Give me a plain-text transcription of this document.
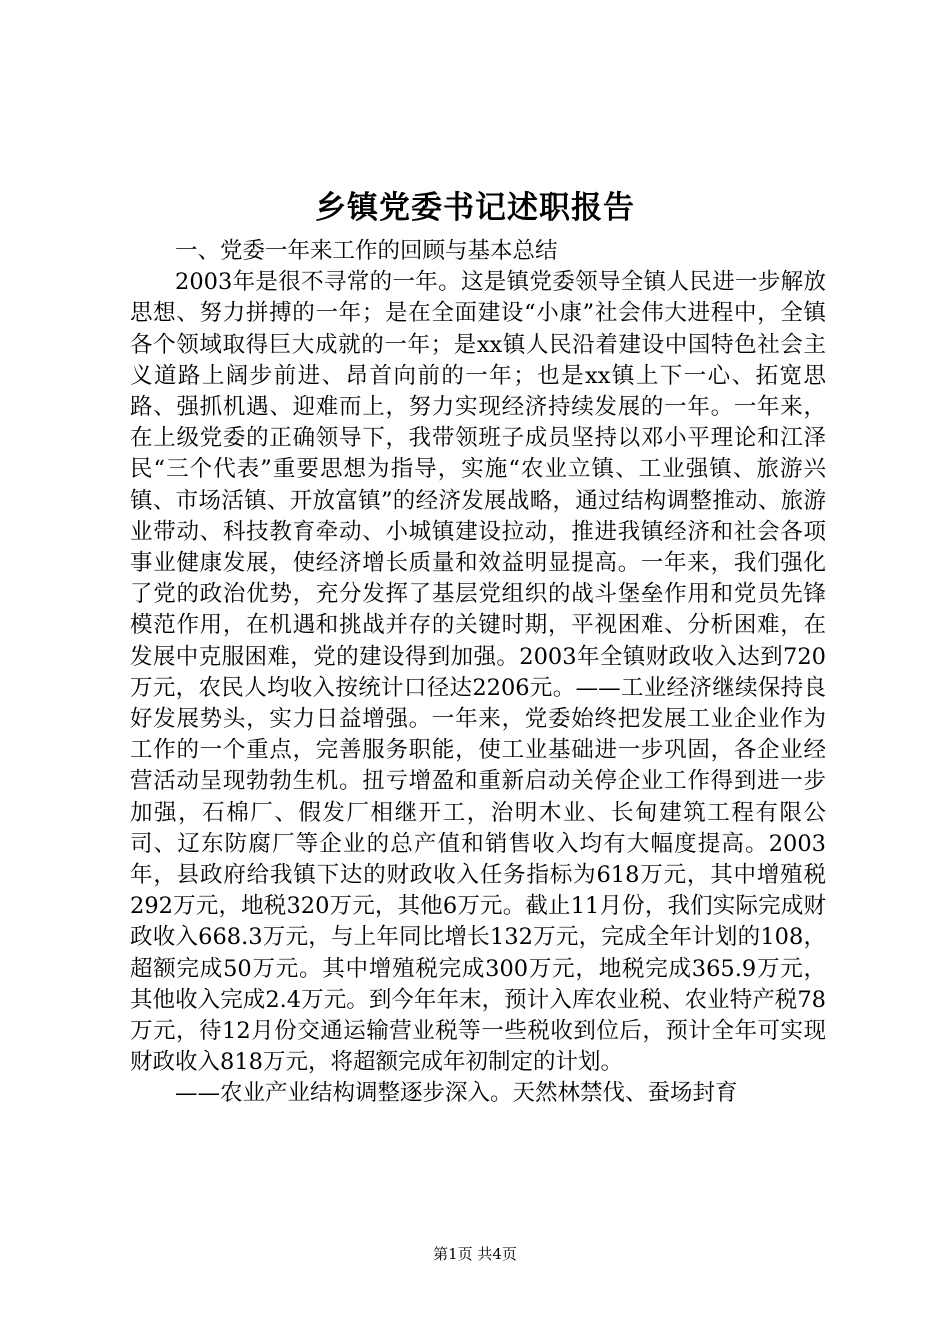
乡镇党委书记述职报告

一、党委一年来工作的回顾与基本总结

2003年是很不寻常的一年。这是镇党委领导全镇人民进一步解放思想、努力拼搏的一年；是在全面建设“小康”社会伟大进程中，全镇各个领域取得巨大成就的一年；是xx镇人民沿着建设中国特色社会主义道路上阔步前进、昂首向前的一年；也是xx镇上下一心、拓宽思路、强抓机遇、迎难而上，努力实现经济持续发展的一年。一年来，在上级党委的正确领导下，我带领班子成员坚持以邓小平理论和江泽民“三个代表”重要思想为指导，实施“农业立镇、工业强镇、旅游兴镇、市场活镇、开放富镇”的经济发展战略，通过结构调整推动、旅游业带动、科技教育牵动、小城镇建设拉动，推进我镇经济和社会各项事业健康发展，使经济增长质量和效益明显提高。一年来，我们强化了党的政治优势，充分发挥了基层党组织的战斗堡垒作用和党员先锋模范作用，在机遇和挑战并存的关键时期，平视困难、分析困难，在发展中克服困难，党的建设得到加强。2003年全镇财政收入达到720万元，农民人均收入按统计口径达2206元。——工业经济继续保持良好发展势头，实力日益增强。一年来，党委始终把发展工业企业作为工作的一个重点，完善服务职能，使工业基础进一步巩固，各企业经营活动呈现勃勃生机。扭亏增盈和重新启动关停企业工作得到进一步加强，石棉厂、假发厂相继开工，治明木业、长甸建筑工程有限公司、辽东防腐厂等企业的总产值和销售收入均有大幅度提高。2003年，县政府给我镇下达的财政收入任务指标为618万元，其中增殖税292万元，地税320万元，其他6万元。截止11月份，我们实际完成财政收入668.3万元，与上年同比增长132万元，完成全年计划的108，超额完成50万元。其中增殖税完成300万元，地税完成365.9万元，其他收入完成2.4万元。到今年年末，预计入库农业税、农业特产税78万元，待12月份交通运输营业税等一些税收到位后，预计全年可实现财政收入818万元，将超额完成年初制定的计划。

——农业产业结构调整逐步深入。天然林禁伐、蚕场封育

第1页 共4页
